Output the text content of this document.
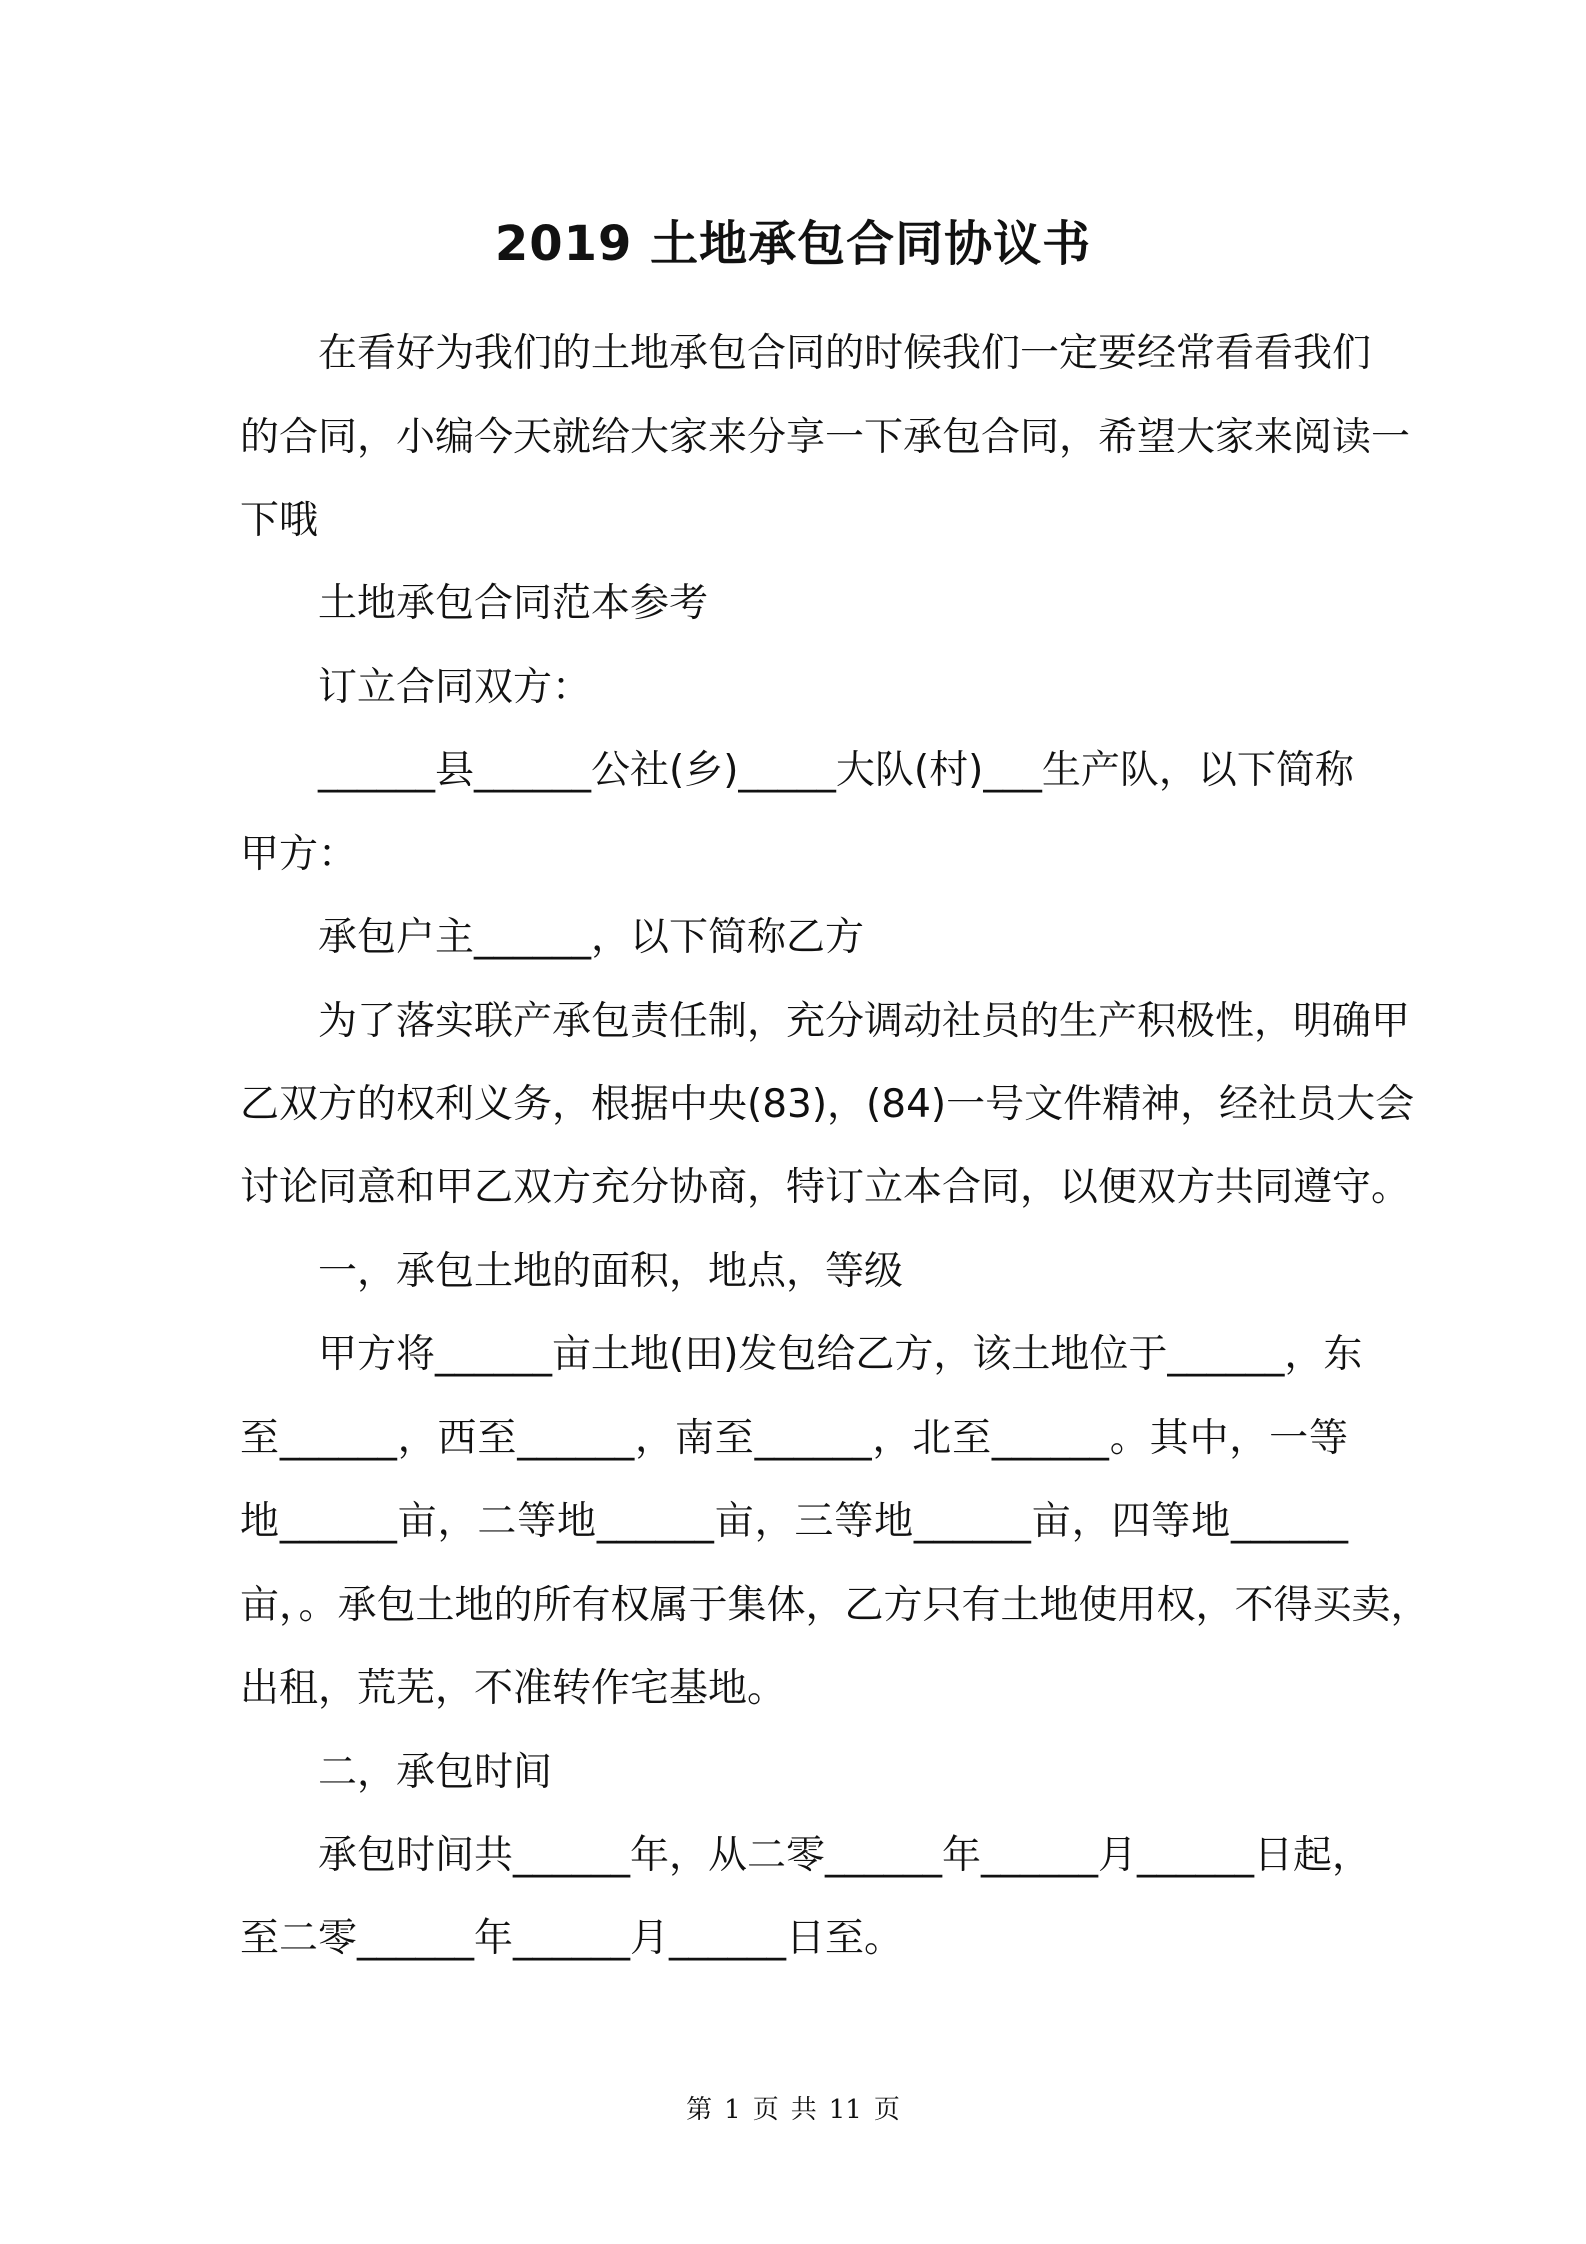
2019 土地承包合同协议书
在看好为我们的土地承包合同的时候我们一定要经常看看我们
的合同，小编今天就给大家来分享一下承包合同，希望大家来阅读一
下哦
土地承包合同范本参考
订立合同双方：
______县______公社(乡)_____大队(村)___生产队，以下简称
甲方：
承包户主______，以下简称乙方
为了落实联产承包责任制，充分调动社员的生产积极性，明确甲
乙双方的权利义务，根据中央(83)，(84)一号文件精神，经社员大会
讨论同意和甲乙双方充分协商，特订立本合同，以便双方共同遵守。
一，承包土地的面积，地点，等级
甲方将______亩土地(田)发包给乙方，该土地位于______，东
至______，西至______，南至______，北至______。其中，一等
地______亩，二等地______亩，三等地______亩，四等地______
亩，。承包土地的所有权属于集体，乙方只有土地使用权，不得买卖，
出租，荒芜，不准转作宅基地。
二，承包时间
承包时间共______年，从二零______年______月______日起，
至二零______年______月______日至。
第 1 页 共 11 页
